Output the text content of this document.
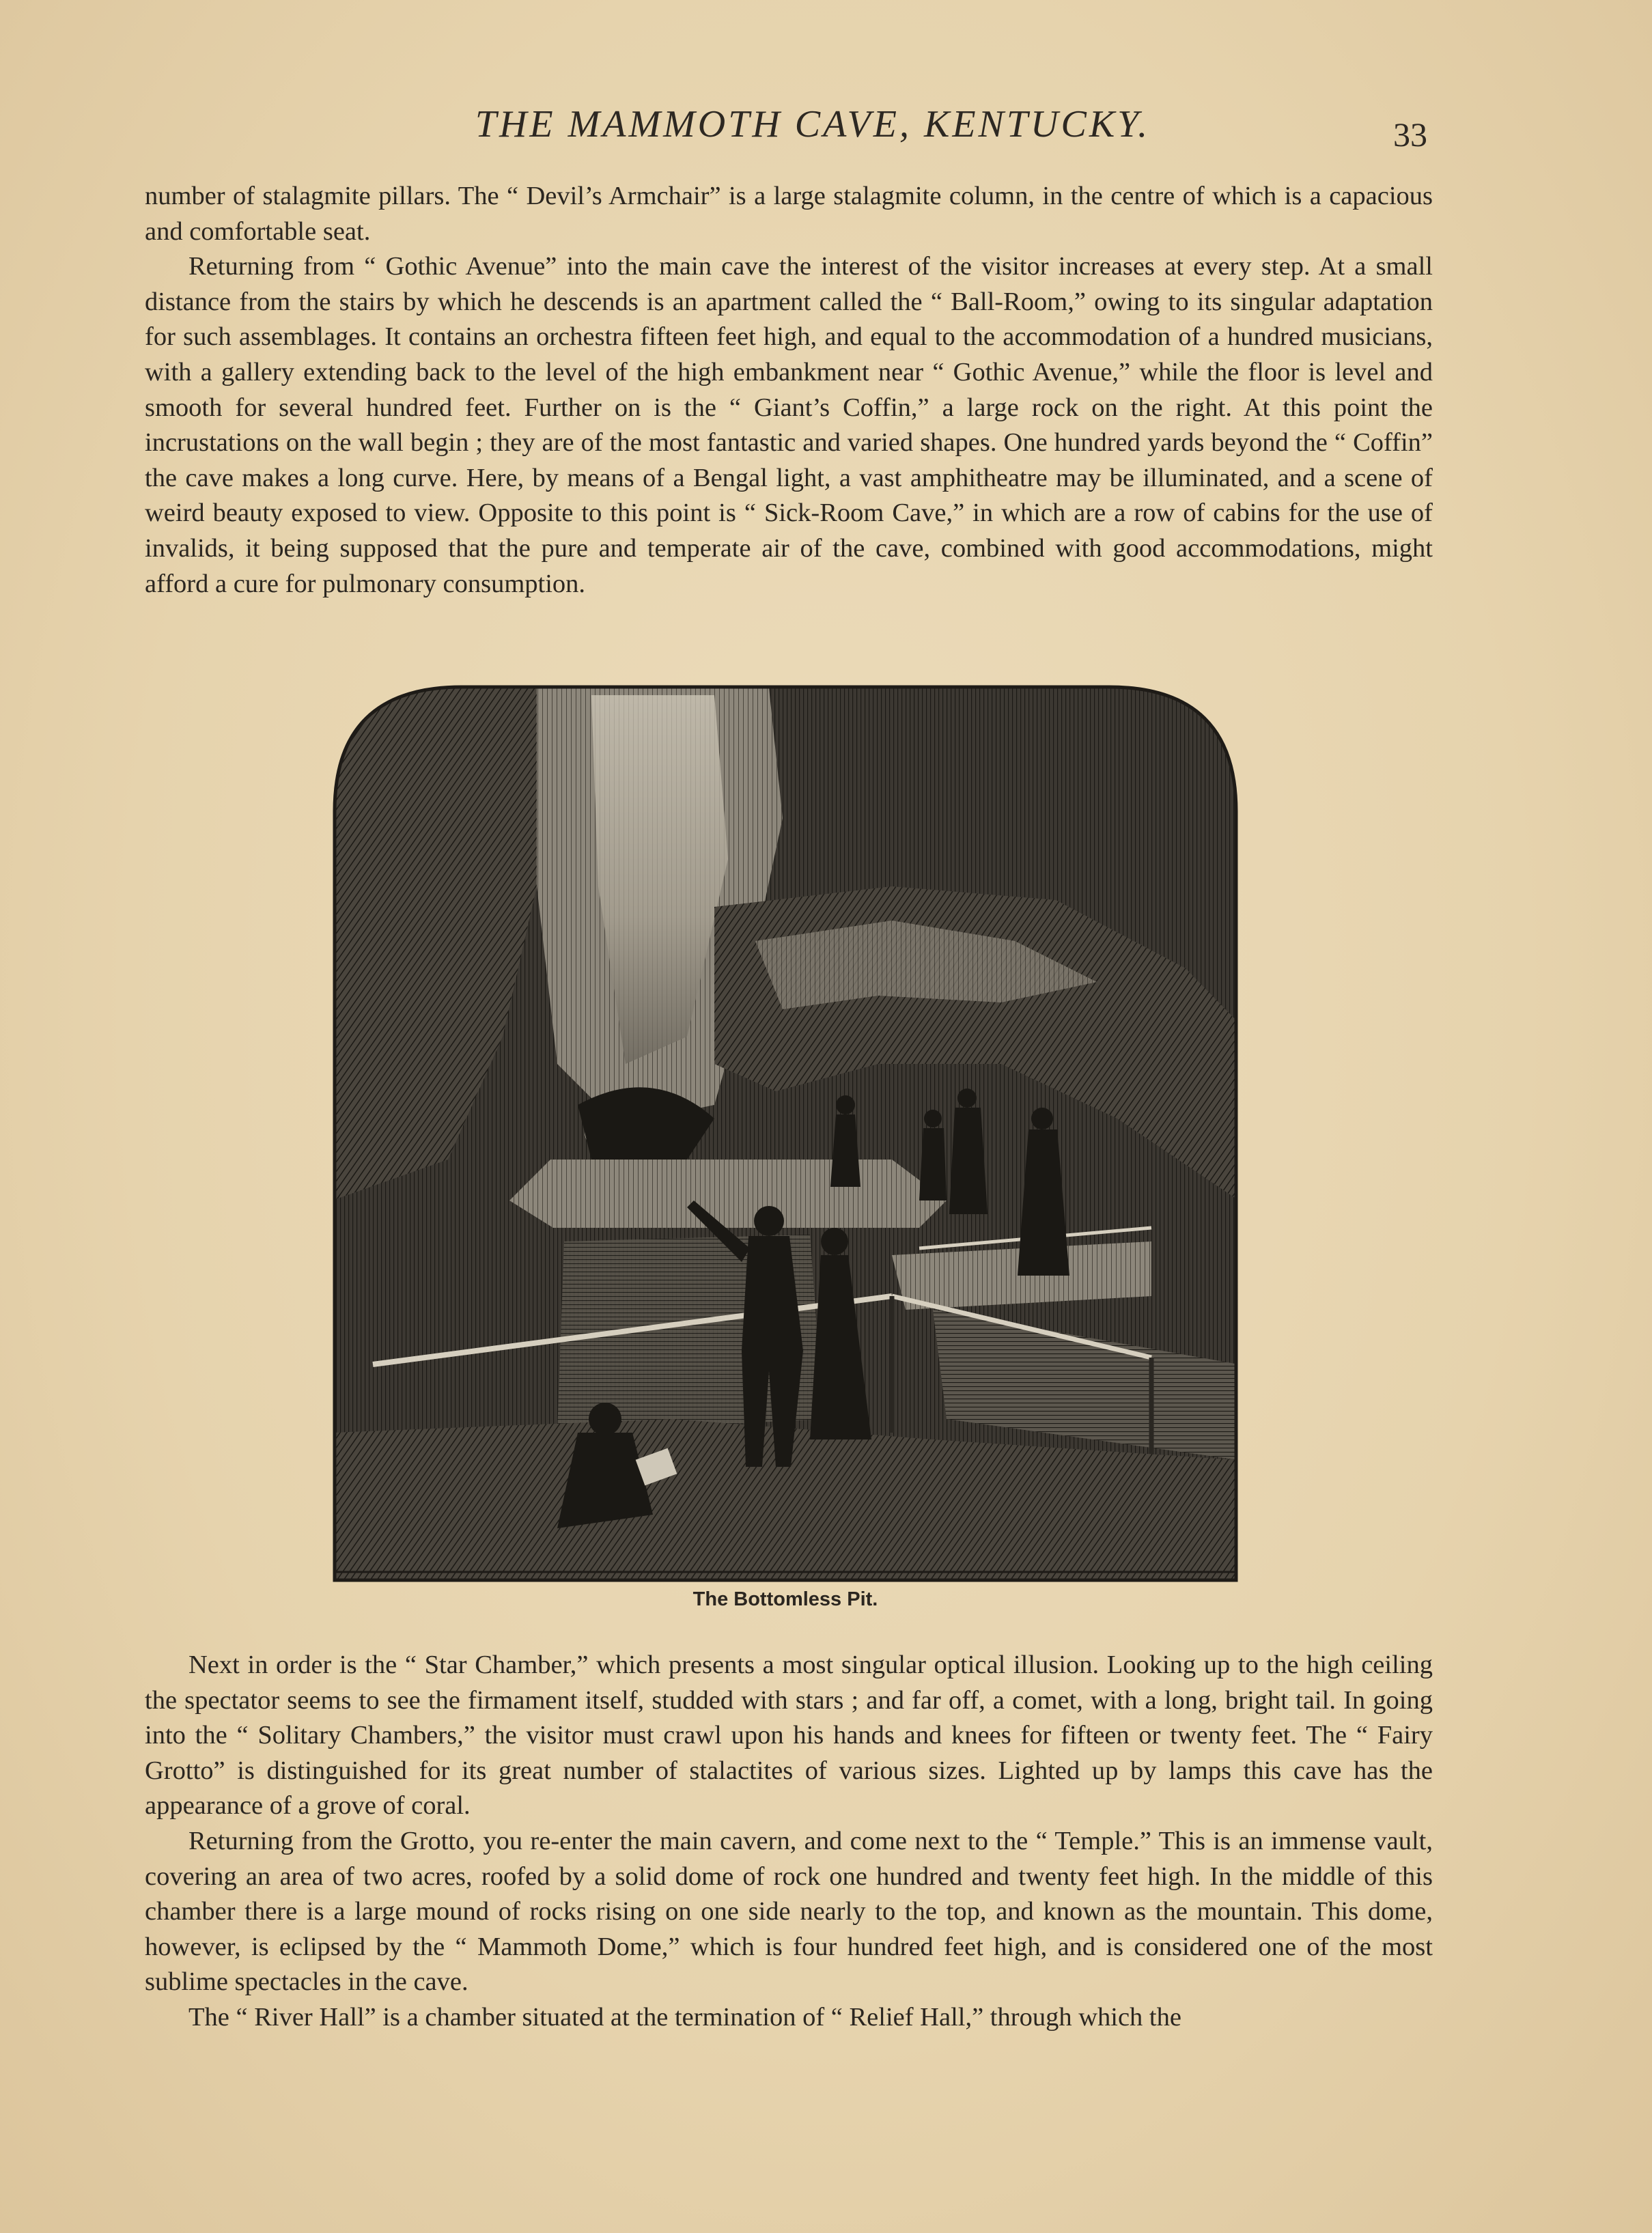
THE MAMMOTH CAVE, KENTUCKY.	33

number of stalagmite pillars. The “ Devil’s Armchair” is a large stalagmite column, in the centre of which is a capacious and comfortable seat.

Returning from “ Gothic Avenue” into the main cave the interest of the visitor increases at every step. At a small distance from the stairs by which he descends is an apartment called the “ Ball-Room,” owing to its singular adaptation for such assemblages. It contains an orchestra fifteen feet high, and equal to the accommodation of a hundred musicians, with a gallery extending back to the level of the high embankment near “ Gothic Avenue,” while the floor is level and smooth for several hundred feet. Further on is the “ Giant’s Coffin,” a large rock on the right. At this point the incrustations on the wall begin ; they are of the most fantastic and varied shapes. One hundred yards beyond the “ Coffin” the cave makes a long curve. Here, by means of a Bengal light, a vast amphitheatre may be illuminated, and a scene of weird beauty exposed to view. Opposite to this point is “ Sick-Room Cave,” in which are a row of cabins for the use of invalids, it being supposed that the pure and temperate air of the cave, combined with good accommodations, might afford a cure for pulmonary consumption.

The Bottomless Pit.

Next in order is the “ Star Chamber,” which presents a most singular optical illusion. Looking up to the high ceiling the spectator seems to see the firmament itself, studded with stars ; and far off, a comet, with a long, bright tail. In going into the “ Solitary Chambers,” the visitor must crawl upon his hands and knees for fifteen or twenty feet. The “ Fairy Grotto” is distinguished for its great number of stalactites of various sizes. Lighted up by lamps this cave has the appearance of a grove of coral.

Returning from the Grotto, you re-enter the main cavern, and come next to the “ Temple.” This is an immense vault, covering an area of two acres, roofed by a solid dome of rock one hundred and twenty feet high. In the middle of this chamber there is a large mound of rocks rising on one side nearly to the top, and known as the mountain. This dome, however, is eclipsed by the “ Mammoth Dome,” which is four hundred feet high, and is considered one of the most sublime spectacles in the cave.

The “ River Hall” is a chamber situated at the termination of “ Relief Hall,” through which the
